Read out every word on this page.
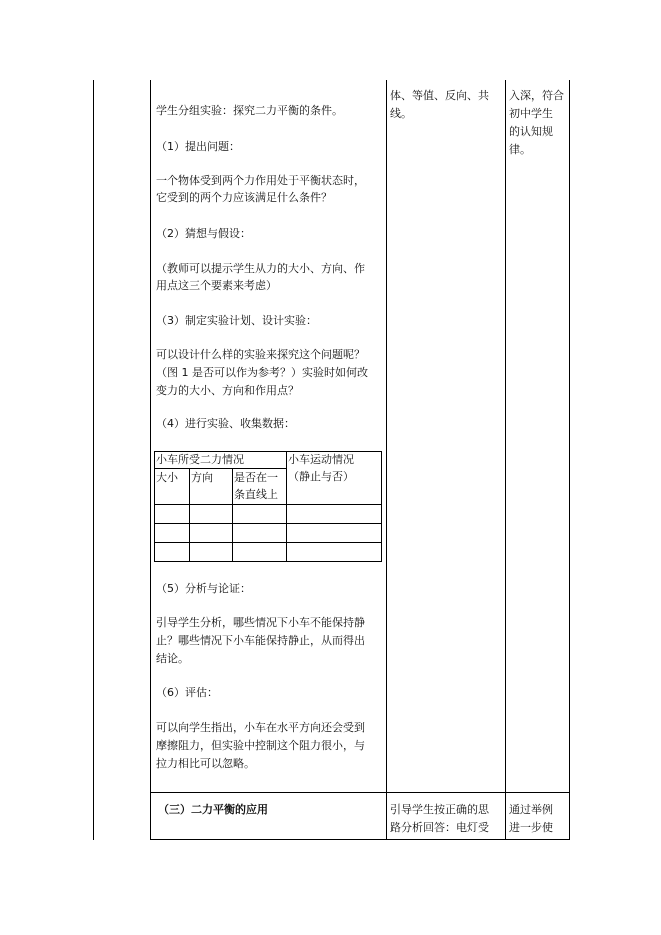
学生分组实验：探究二力平衡的条件。
（1）提出问题：
一个物体受到两个力作用处于平衡状态时，
它受到的两个力应该满足什么条件？
（2）猜想与假设：
（教师可以提示学生从力的大小、方向、作
用点这三个要素来考虑）
（3）制定实验计划、设计实验：
可以设计什么样的实验来探究这个问题呢？
（图 1 是否可以作为参考？）实验时如何改
变力的大小、方向和作用点？
（4）进行实验、收集数据：
小车所受二力情况	小车运动情况
（静止与否）
大小 方向 是否在一
条直线上
（5）分析与论证：
引导学生分析，哪些情况下小车不能保持静
止？哪些情况下小车能保持静止，从而得出
结论。
（6）评估：
可以向学生指出，小车在水平方向还会受到
摩擦阻力，但实验中控制这个阻力很小，与
拉力相比可以忽略。
（三）二力平衡的应用
体、等值、反向、共
线。
引导学生按正确的思
路分析回答：电灯受
入深，符合
初中学生
的认知规
律。
通过举例
进一步使
